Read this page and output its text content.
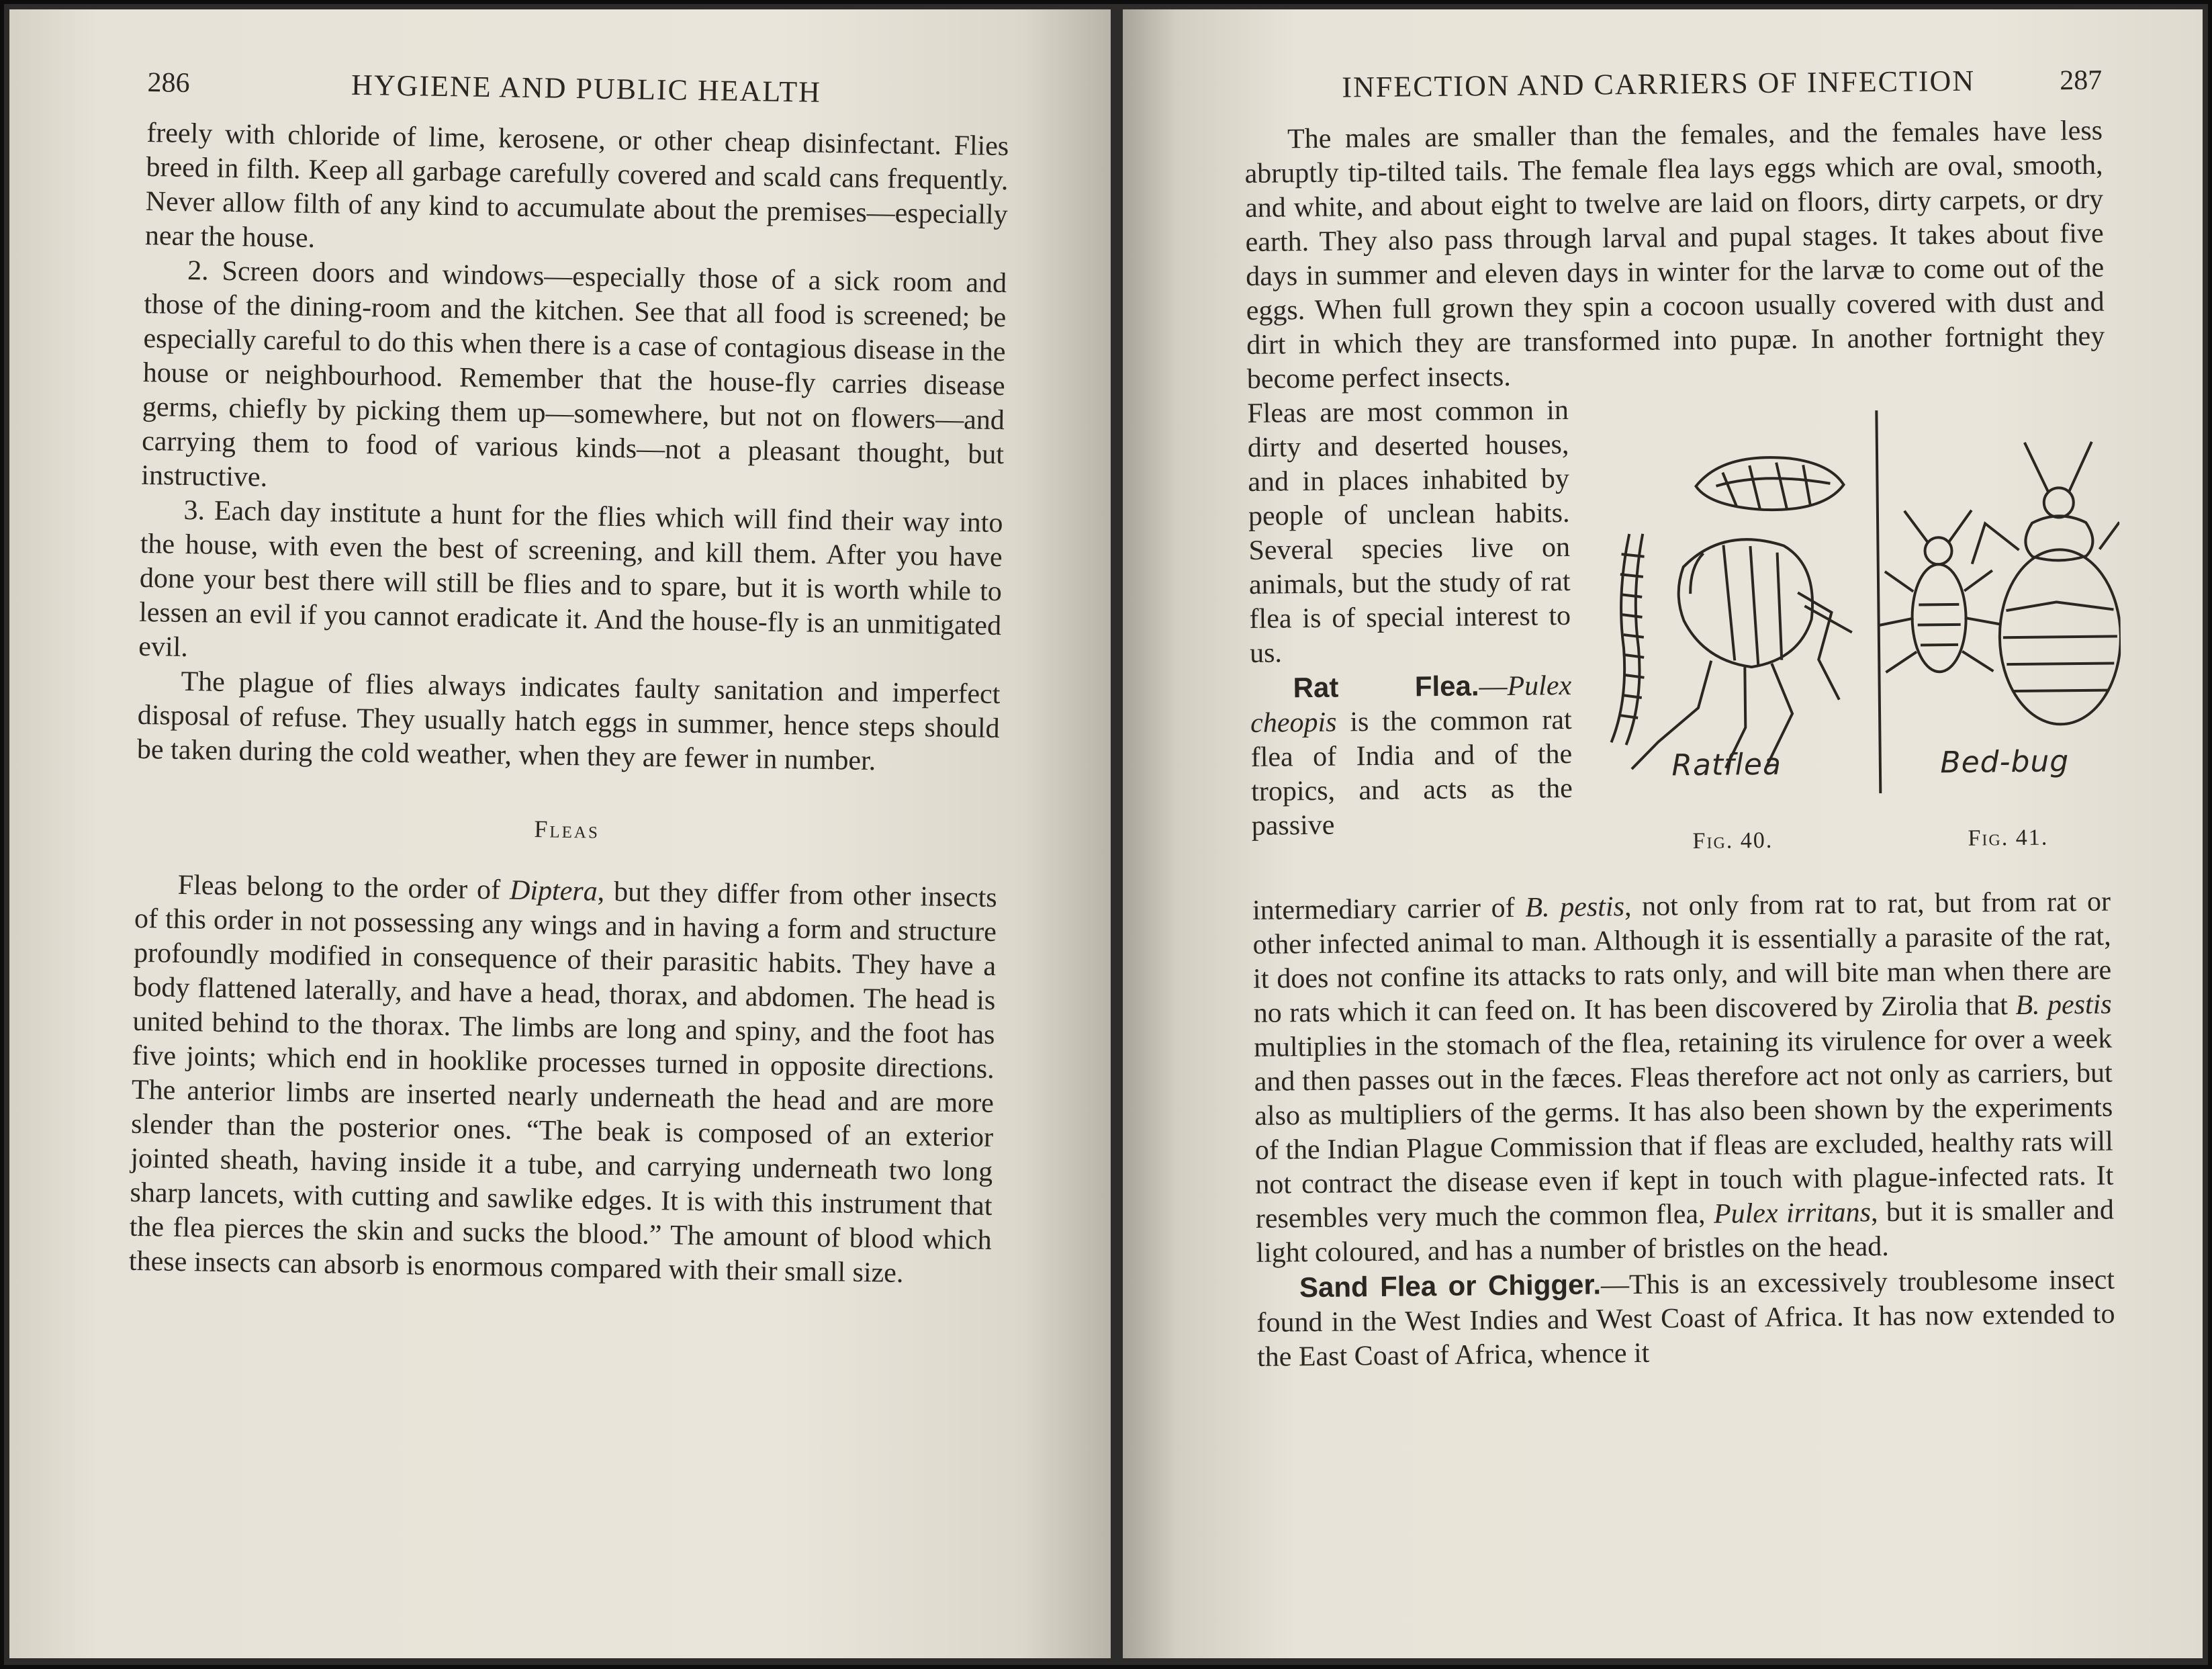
286	HYGIENE AND PUBLIC HEALTH

freely with chloride of lime, kerosene, or other cheap disinfectant. Flies breed in filth. Keep all garbage carefully covered and scald cans frequently. Never allow filth of any kind to accumulate about the premises—especially near the house.

2. Screen doors and windows—especially those of a sick room and those of the dining-room and the kitchen. See that all food is screened; be especially careful to do this when there is a case of contagious disease in the house or neighbourhood. Remember that the house-fly carries disease germs, chiefly by picking them up—somewhere, but not on flowers—and carrying them to food of various kinds—not a pleasant thought, but instructive.

3. Each day institute a hunt for the flies which will find their way into the house, with even the best of screening, and kill them. After you have done your best there will still be flies and to spare, but it is worth while to lessen an evil if you cannot eradicate it. And the house-fly is an unmitigated evil.

The plague of flies always indicates faulty sanitation and imperfect disposal of refuse. They usually hatch eggs in summer, hence steps should be taken during the cold weather, when they are fewer in number.

Fleas

Fleas belong to the order of Diptera, but they differ from other insects of this order in not possessing any wings and in having a form and structure profoundly modified in consequence of their parasitic habits. They have a body flattened laterally, and have a head, thorax, and abdomen. The head is united behind to the thorax. The limbs are long and spiny, and the foot has five joints; which end in hooklike processes turned in opposite directions. The anterior limbs are inserted nearly underneath the head and are more slender than the posterior ones. “The beak is composed of an exterior jointed sheath, having inside it a tube, and carrying underneath two long sharp lancets, with cutting and sawlike edges. It is with this instrument that the flea pierces the skin and sucks the blood.” The amount of blood which these insects can absorb is enormous compared with their small size.

INFECTION AND CARRIERS OF INFECTION	287

The males are smaller than the females, and the females have less abruptly tip-tilted tails. The female flea lays eggs which are oval, smooth, and white, and about eight to twelve are laid on floors, dirty carpets, or dry earth. They also pass through larval and pupal stages. It takes about five days in summer and eleven days in winter for the larvæ to come out of the eggs. When full grown they spin a cocoon usually covered with dust and dirt in which they are transformed into pupæ. In another fortnight they become perfect insects.

Fleas are most common in dirty and deserted houses, and in places inhabited by people of unclean habits. Several species live on animals, but the study of rat flea is of special interest to us.

Rat Flea.—Pulex cheopis is the common rat flea of India and of the tropics, and acts as the passive

Ratflea	Bed-bug
Fig. 40.	Fig. 41.

intermediary carrier of B. pestis, not only from rat to rat, but from rat or other infected animal to man. Although it is essentially a parasite of the rat, it does not confine its attacks to rats only, and will bite man when there are no rats which it can feed on. It has been discovered by Zirolia that B. pestis multiplies in the stomach of the flea, retaining its virulence for over a week and then passes out in the fæces. Fleas therefore act not only as carriers, but also as multipliers of the germs. It has also been shown by the experiments of the Indian Plague Commission that if fleas are excluded, healthy rats will not contract the disease even if kept in touch with plague-infected rats. It resembles very much the common flea, Pulex irritans, but it is smaller and light coloured, and has a number of bristles on the head.

Sand Flea or Chigger.—This is an excessively troublesome insect found in the West Indies and West Coast of Africa. It has now extended to the East Coast of Africa, whence it
